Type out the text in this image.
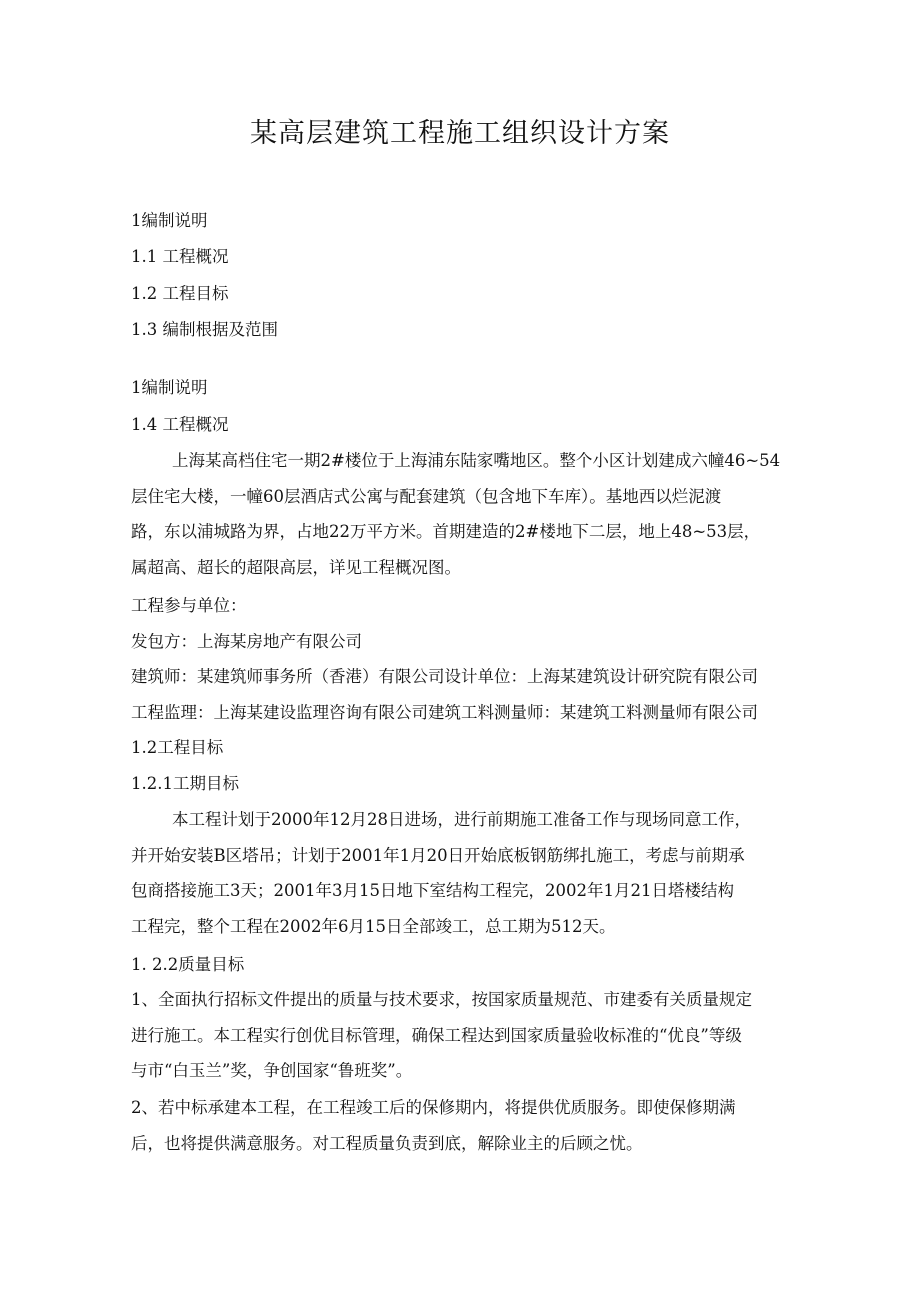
某高层建筑工程施工组织设计方案
1编制说明
1.1 工程概况
1.2 工程目标
1.3 编制根据及范围
1编制说明
1.4 工程概况
上海某高档住宅一期2#楼位于上海浦东陆家嘴地区。整个小区计划建成六幢46~54
层住宅大楼，一幢60层酒店式公寓与配套建筑（包含地下车库）。基地西以烂泥渡
路，东以浦城路为界，占地22万平方米。首期建造的2#楼地下二层，地上48~53层，
属超高、超长的超限高层，详见工程概况图。
工程参与单位：
发包方：上海某房地产有限公司
建筑师：某建筑师事务所（香港）有限公司设计单位：上海某建筑设计研究院有限公司
工程监理：上海某建设监理咨询有限公司建筑工料测量师：某建筑工料测量师有限公司
1.2工程目标
1.2.1工期目标
本工程计划于2000年12月28日进场，进行前期施工准备工作与现场同意工作，
并开始安装B区塔吊；计划于2001年1月20日开始底板钢筋绑扎施工，考虑与前期承
包商搭接施工3天；2001年3月15日地下室结构工程完，2002年1月21日塔楼结构
工程完，整个工程在2002年6月15日全部竣工，总工期为512天。
1. 2.2质量目标
1、全面执行招标文件提出的质量与技术要求，按国家质量规范、市建委有关质量规定
进行施工。本工程实行创优目标管理，确保工程达到国家质量验收标准的“优良”等级
与市“白玉兰”奖，争创国家“鲁班奖”。
2、若中标承建本工程，在工程竣工后的保修期内，将提供优质服务。即使保修期满
后，也将提供满意服务。对工程质量负责到底，解除业主的后顾之忧。
